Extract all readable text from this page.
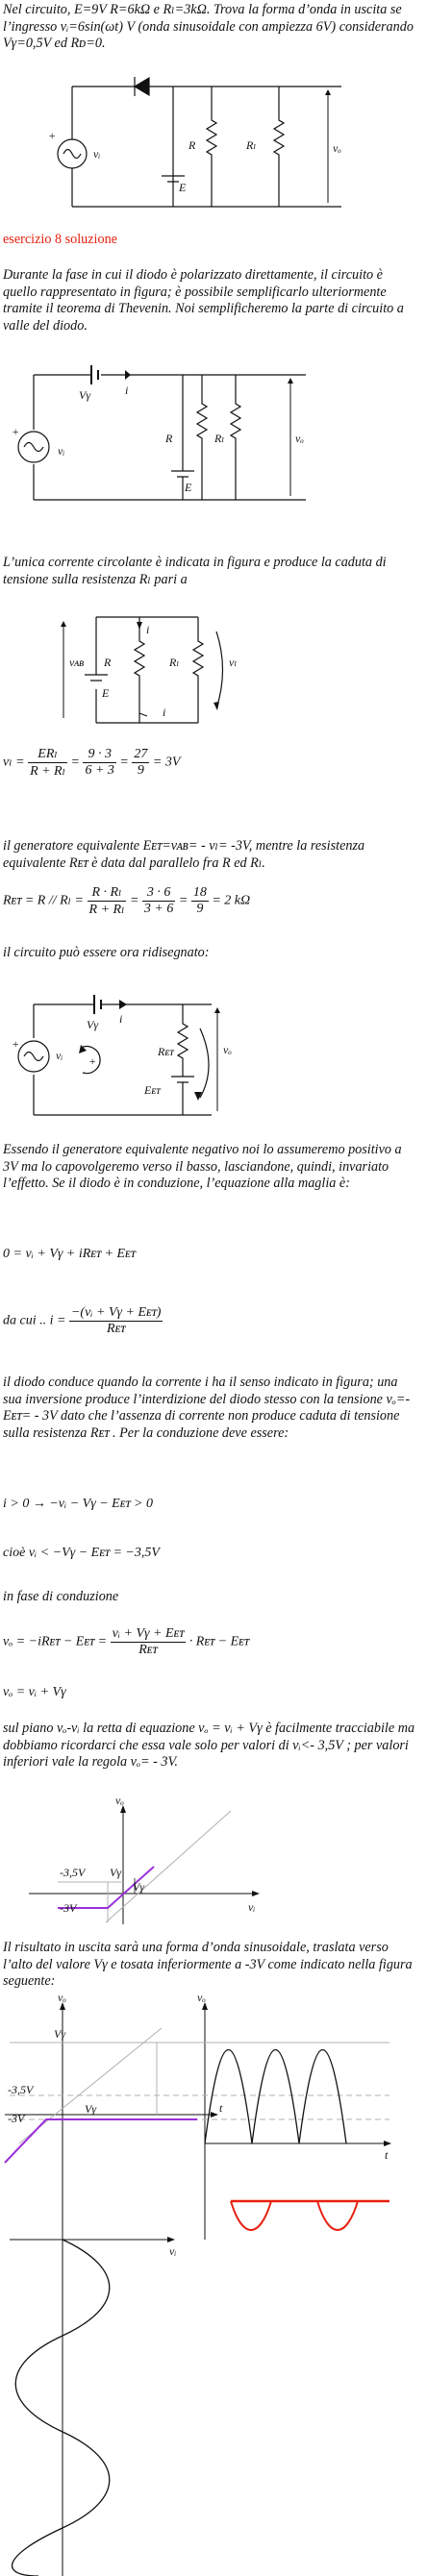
Nel circuito, E=9V R=6kΩ e Rₗ=3kΩ. Trova la forma d’onda in uscita se l’ingresso vᵢ=6sin(ωt) V (onda sinusoidale con ampiezza 6V) considerando Vγ=0,5V ed Rᴅ=0.

+
vᵢ
R	Rₗ
E
vₒ

esercizio 8 soluzione

Durante la fase in cui il diodo è polarizzato direttamente, il circuito è quello rappresentato in figura; è possibile semplificarlo ulteriormente tramite il teorema di Thevenin. Noi semplificheremo la parte di circuito a valle del diodo.

+
vᵢ
Vγ	i
R	Rₗ
E
vₒ

L’unica corrente circolante è indicata in figura e produce la caduta di tensione sulla resistenza Rₗ pari a

vᴀʙ R
i
Rₗ	vₗ
E
i
$v_l = \frac{\text{ERₗ}}{\text{R + Rₗ}} = \frac{9 \cdot 3}{6 + 3} = \frac{27}{9} = 3V$

il generatore equivalente Eᴇᴛ=vᴀʙ= - vₗ= -3V, mentre la resistenza equivalente Rᴇᴛ è data dal parallelo fra R ed Rₗ.

Rᴇᴛ = $R // R_l = \frac{\text{R · Rₗ}}{\text{R + Rₗ}} = \frac{3 \cdot 6}{3 + 6} = \frac{18}{9} = 2$ kΩ

il circuito può essere ora ridisegnato:

+
vᵢ
Vγ i
+
Rᴇᴛ
Eᴇᴛ
vₒ

Essendo il generatore equivalente negativo noi lo assumeremo positivo a 3V ma lo capovolgeremo verso il basso, lasciandone, quindi, invariato l’effetto. Se il diodo è in conduzione, l’equazione alla maglia è:

0 = vᵢ + Vγ + iRᴇᴛ + Eᴇᴛ
da cui .. $i = \frac{\text{−(vᵢ + Vγ + Eᴇᴛ)}}{\text{Rᴇᴛ}}$

il diodo conduce quando la corrente i ha il senso indicato in figura; una sua inversione produce l’interdizione del diodo stesso con la tensione vₒ=- Eᴇᴛ= - 3V dato che l’assenza di corrente non produce caduta di tensione sulla resistenza Rᴇᴛ . Per la conduzione deve essere:

i > 0 → −vᵢ − Vγ − Eᴇᴛ > 0
cioè vᵢ < −Vγ − Eᴇᴛ = −3,5V

in fase di conduzione

vₒ = −iRᴇᴛ − Eᴇᴛ = $\frac{\text{vᵢ + Vγ + Eᴇᴛ}}{\text{Rᴇᴛ}}$ · Rᴇᴛ − Eᴇᴛ
vₒ = vᵢ + Vγ

sul piano vₒ-vᵢ la retta di equazione vₒ = vᵢ + Vγ è facilmente tracciabile ma dobbiamo ricordarci che essa vale solo per valori di vᵢ<- 3,5V ; per valori inferiori vale la regola vₒ= - 3V.

vₒ
vᵢ
-3,5V
-3V
Vγ
Vγ

Il risultato in uscita sarà una forma d’onda sinusoidale, traslata verso l’alto del valore Vγ e tosata inferiormente a -3V come indicato nella figura seguente:

vₒ	vₒ
t
t
-3,5V
-3V
Vγ
Vγ
vᵢ
